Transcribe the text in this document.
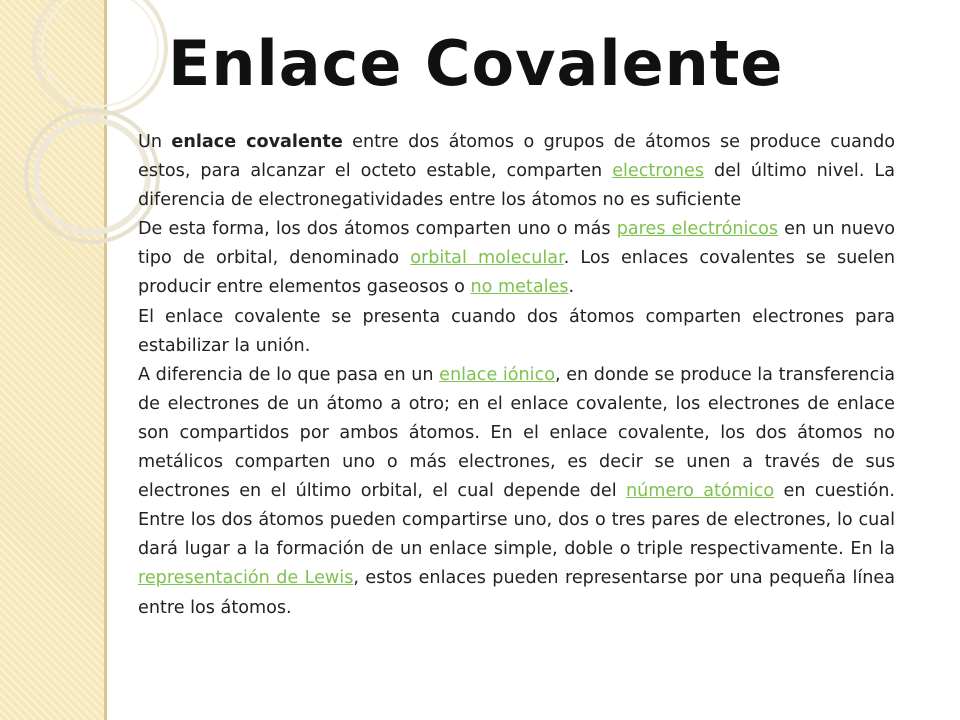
Enlace Covalente

Un enlace covalente entre dos átomos o grupos de átomos se produce cuando estos, para alcanzar el octeto estable, comparten electrones del último nivel. La diferencia de electronegatividades entre los átomos no es suficiente

De esta forma, los dos átomos comparten uno o más pares electrónicos en un nuevo tipo de orbital, denominado orbital molecular. Los enlaces covalentes se suelen producir entre elementos gaseosos o no metales.

El enlace covalente se presenta cuando dos átomos comparten electrones para estabilizar la unión.

A diferencia de lo que pasa en un enlace iónico, en donde se produce la transferencia de electrones de un átomo a otro; en el enlace covalente, los electrones de enlace son compartidos por ambos átomos. En el enlace covalente, los dos átomos no metálicos comparten uno o más electrones, es decir se unen a través de sus electrones en el último orbital, el cual depende del número atómico en cuestión. Entre los dos átomos pueden compartirse uno, dos o tres pares de electrones, lo cual dará lugar a la formación de un enlace simple, doble o triple respectivamente. En la representación de Lewis, estos enlaces pueden representarse por una pequeña línea entre los átomos.
